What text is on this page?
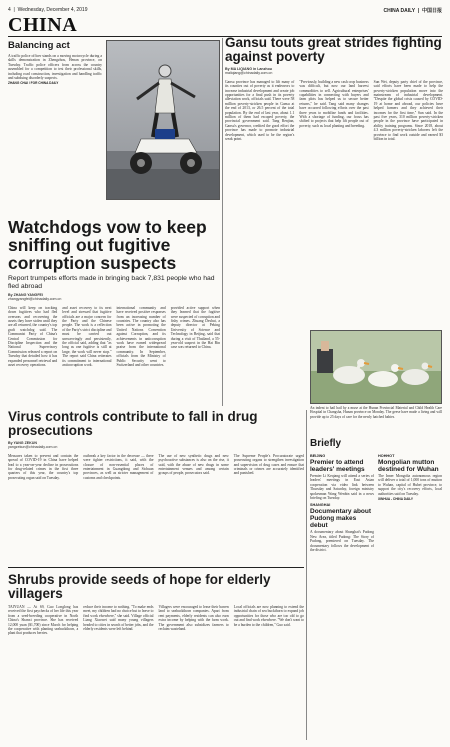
4  |  Wednesday, December 4, 2019	CHINA DAILY  |  中国日报
CHINA
Balancing act

A traffic police officer stands on a moving motorcycle during a skills demonstration in Zhengzhou, Henan province, on Tuesday. Traffic police officers from across the country assembled for a competition to test their professional skills, including road construction, investigation and handling traffic and subduing disorderly suspects.

ZHANG CHAI / FOR CHINA DAILY

Gansu touts great strides fighting against poverty
By MA LIQIANG in Lanzhou
maliqiang@chinadaily.com.cn
Gansu province has managed to lift many of its counties out of poverty as it endeavors to increase industrial development and create job opportunities for a final push in its poverty alleviation work, officials said. There were 58 million poverty-stricken people in Gansu at the end of 2013, or 26.5 percent of the total population. By the end of last year, about 1.1 million of them had escaped poverty, the provincial government said. Tang Renjian, Gansu's governor, credited the good effort the province has made to promote industrial development, which used to be the region's weak point.
"Previously, building a new cash crop business was difficult, but now our land harvest commodities to sell. Agricultural enterprises' capabilities in connecting with buyers and farm plots has helped us to secure better returns," he said. Tang said many changes have occurred following efforts over the past three years to mobilize funds and facilities. With a shortage of funding, our focus has shifted to projects that help lift people out of poverty, such as local planting and breeding.
Sun Wei, deputy party chief of the province, said efforts have been made to help the poverty-stricken population move into the mainstream of industrial development. "Despite the global crisis caused by COVID-19 at home and abroad, our policies have helped farmers and they achieved their incomes for the first time," Sun said. In the past five years, 310 million poverty-stricken people in the province have participated in ability training programs. Since 2018, about 4.3 million poverty-stricken laborers left the province to find work outside and earned $3 billion in total.
Watchdogs vow to keep sniffing out fugitive corruption suspects
Report trumpets efforts made in bringing back 7,831 people who had fled abroad
By ZHANG YANGFEI
zhangyangfei@chinadaily.com.cn
China will keep on tracking down fugitives who had fled overseas and recovering the assets they have stolen until they are all returned, the country's top graft watchdog said. The Communist Party of China's Central Commission for Discipline Inspection and the National Supervisory Commission released a report on Tuesday that detailed how it has expanded personnel retrieval and asset recovery operations.
and asset recovery to its next level and stressed that fugitive officials are a major concern for the Party and the Chinese people. The work is a reflection of the Party's strict discipline and must be carried out unswervingly and persistently, the official said, adding that "as long as one fugitive is still at large, the work will never stop." The report said China reiterates its commitment to international anticorruption work.
international community and have received positive responses from an increasing number of countries. The country also has been active in promoting the United Nations Convention against Corruption, and its achievements in anticorruption work have earned widespread praise from the international community. In September, officials from the Ministry of Public Security went to Switzerland and other countries.
provided active support when they learned that the fugitive were suspected of corruption and fishy crimes. Zhuang Deshui, a deputy director at Peking University of Science and Technology in Beijing, said that during a visit of Thailand, a 55-year-old suspect in the Hai Bin case was returned to China.
An indent to hail hail by a muse at the Hunan Provincial Material and Child Health Care Hospital in Changsha, Hunan province on Monday. The geese have made a living and will provide up to 25 days of care for the newly hatched babies.
Virus controls contribute to fall in drug prosecutions
By YANG ZEKUN
yangzekun@chinadaily.com.cn
Measures taken to prevent and contain the spread of COVID-19 in China have helped lead to a year-on-year decline in prosecutions for drug-related crimes in the first three quarters of this year, the country's top prosecuting organ said on Tuesday.
outbreak a key factor in the decrease — there were tighter restrictions, it said, with the closure of non-essential places of entertainment in Guangdong and Sichuan provinces, as well as stricter management of customs and checkpoints.
The use of new synthetic drugs and new psychoactive substances is also on the rise, it said, with the abuse of new drugs in some entertainment venues and among certain groups of people, prosecutors said.
The Supreme People's Procuratorate urged prosecuting organs to strengthen investigation and supervision of drug cases and ensure that criminals or crimes are accurately identified and punished.
Shrubs provide seeds of hope for elderly villagers
TAIYUAN — At 69, Guo Longlong has received the first paychecks of her life this year from a seed-breeding cooperative in North China's Shanxi province. She has received 12,000 yuan ($1,700) since March for helping the cooperative with planting seabuckthorn, a plant that produces berries.
reduce their income to nothing. "To make ends meet, my children had no choice but to leave to find work elsewhere," she said. Village official Liang Xiaowei said many young villagers headed to cities in search of better jobs, and the elderly residents were left behind.
Villagers were encouraged to lease their barren land to seabuckthorn companies. Apart from rent payments, elderly residents can also earn extra income by helping with the farm work. The government also subsidizes farmers to reclaim wasteland.
Local officials are now planning to extend the industrial chain of sea buckthorn to expand job opportunities for those who are too old to go out and find work elsewhere. "We don't want to be a burden to the children," Guo said.
Briefly
BEIJING
Premier to attend leaders' meetings
Premier Li Keqiang will attend a series of leaders' meetings in East Asian cooperation via video link between Thursday and Saturday, foreign ministry spokesman Wang Wenbin said in a news briefing on Tuesday.
SHANGHAI
Documentary about Pudong makes debut
A documentary about Shanghai's Pudong New Area, titled Pudong: The Story of Pudong, premiered on Tuesday. The documentary follows the development of the district.
HOHHOT
Mongolian mutton destined for Wuhan
The Inner Mongolia autonomous region will deliver a total of 1,000 tons of mutton to Wuhan, capital of Hubei province, to support the city's recovery efforts, local authorities said on Tuesday.
XINHUA - CHINA DAILY
